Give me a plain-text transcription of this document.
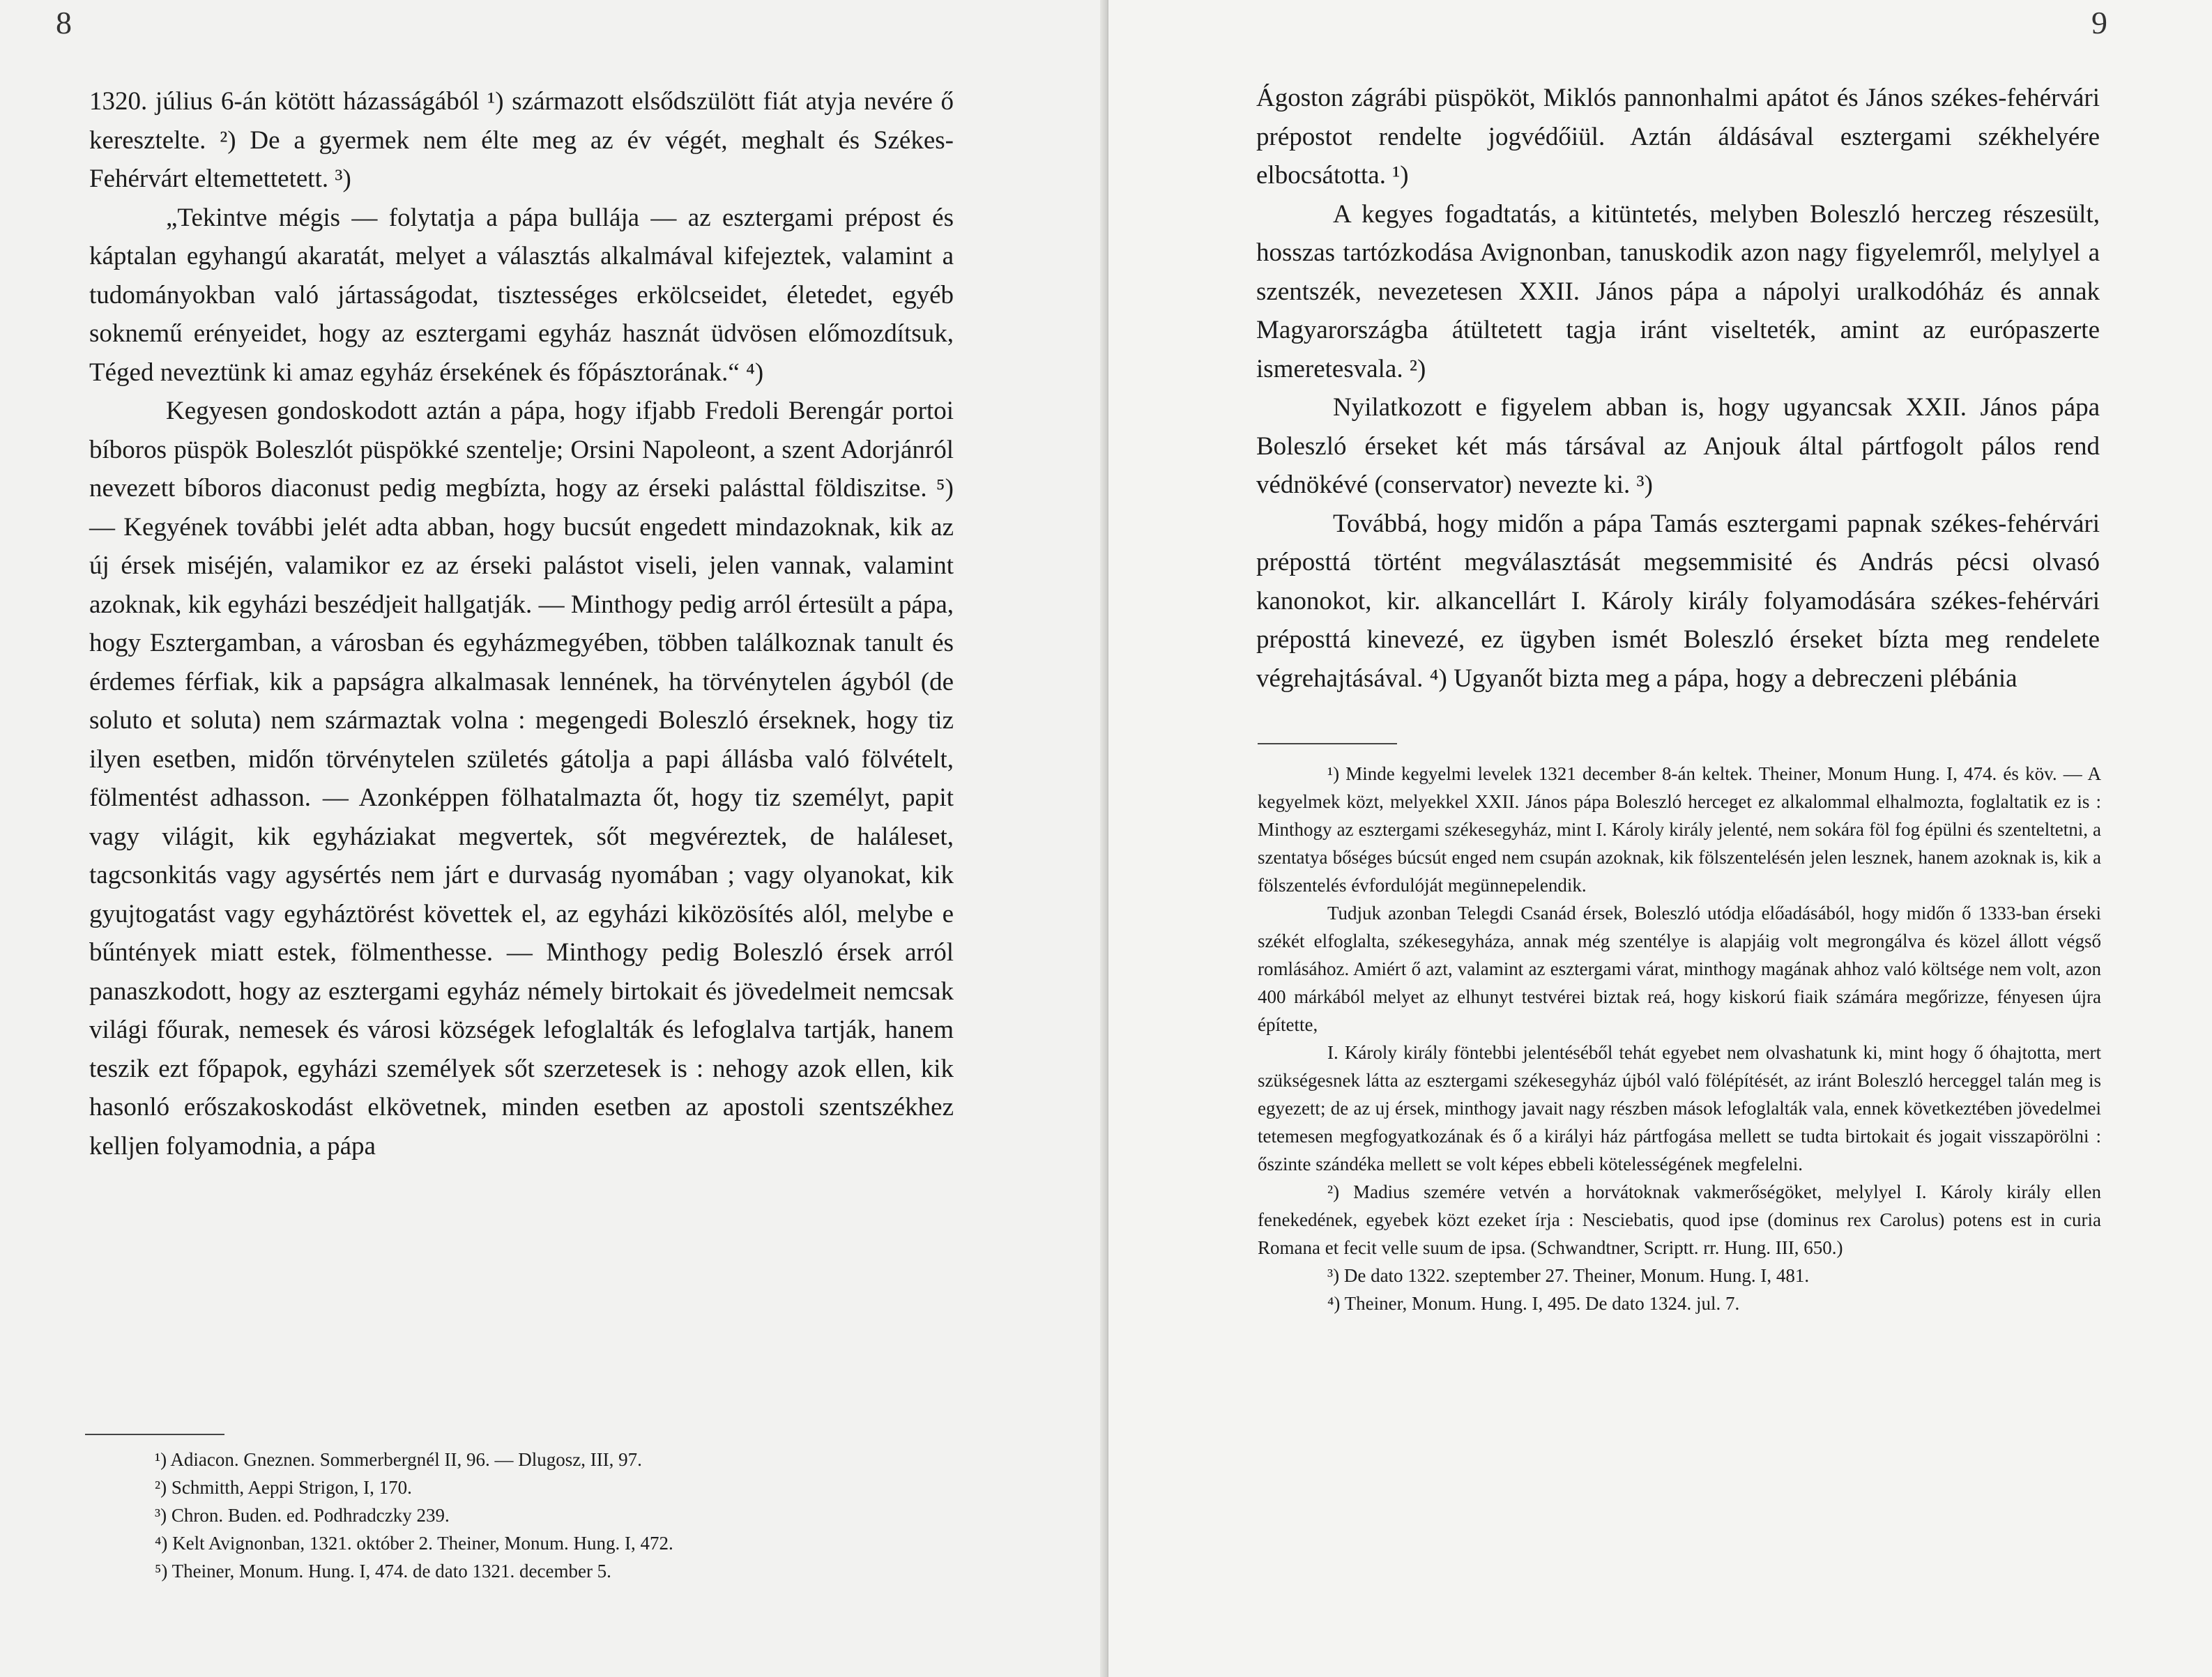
8

1320. július 6-án kötött házasságából ¹) származott elsődszülött fiát atyja nevére ő keresztelte. ²) De a gyermek nem élte meg az év végét, meghalt és Székes-Fehérvárt eltemettetett. ³)

„Tekintve mégis — folytatja a pápa bullája — az esztergami prépost és káptalan egyhangú akaratát, melyet a választás alkalmával kifejeztek, valamint a tudományokban való jártasságodat, tisztességes erkölcseidet, életedet, egyéb soknemű erényeidet, hogy az esztergami egyház hasznát üdvösen előmozdítsuk, Téged neveztünk ki amaz egyház érsekének és főpásztorának.“ ⁴)

Kegyesen gondoskodott aztán a pápa, hogy ifjabb Fredoli Berengár portoi bíboros püspök Boleszlót püspökké szentelje; Orsini Napoleont, a szent Adorjánról nevezett bíboros diaconust pedig megbízta, hogy az érseki palásttal földiszitse. ⁵) — Kegyének további jelét adta abban, hogy bucsút engedett mindazoknak, kik az új érsek miséjén, valamikor ez az érseki palástot viseli, jelen vannak, valamint azoknak, kik egyházi beszédjeit hallgatják. — Minthogy pedig arról értesült a pápa, hogy Esztergamban, a városban és egyházmegyében, többen találkoznak tanult és érdemes férfiak, kik a papságra alkalmasak lennének, ha törvénytelen ágyból (de soluto et soluta) nem származtak volna : megengedi Boleszló érseknek, hogy tiz ilyen esetben, midőn törvénytelen születés gátolja a papi állásba való fölvételt, fölmentést adhasson. — Azonképpen fölhatalmazta őt, hogy tiz személyt, papit vagy világit, kik egyháziakat megvertek, sőt megvéreztek, de haláleset, tagcsonkitás vagy agysértés nem járt e durvaság nyomában ; vagy olyanokat, kik gyujtogatást vagy egyháztörést követtek el, az egyházi kiközösítés alól, melybe e bűntények miatt estek, fölmenthesse. — Minthogy pedig Boleszló érsek arról panaszkodott, hogy az esztergami egyház némely birtokait és jövedelmeit nemcsak világi főurak, nemesek és városi községek lefoglalták és lefoglalva tartják, hanem teszik ezt főpapok, egyházi személyek sőt szerzetesek is : nehogy azok ellen, kik hasonló erőszakoskodást elkövetnek, minden esetben az apostoli szentszékhez kelljen folyamodnia, a pápa

¹) Adiacon. Gneznen. Sommerbergnél II, 96. — Dlugosz, III, 97.

²) Schmitth, Aeppi Strigon, I, 170.

³) Chron. Buden. ed. Podhradczky 239.

⁴) Kelt Avignonban, 1321. október 2. Theiner, Monum. Hung. I, 472.

⁵) Theiner, Monum. Hung. I, 474. de dato 1321. december 5.

9

Ágoston zágrábi püspököt, Miklós pannonhalmi apátot és János székes-fehérvári prépostot rendelte jogvédőiül. Aztán áldásával esztergami székhelyére elbocsátotta. ¹)

A kegyes fogadtatás, a kitüntetés, melyben Boleszló herczeg részesült, hosszas tartózkodása Avignonban, tanuskodik azon nagy figyelemről, melylyel a szentszék, nevezetesen XXII. János pápa a nápolyi uralkodóház és annak Magyarországba átültetett tagja iránt viselteték, amint az európaszerte ismeretesvala. ²)

Nyilatkozott e figyelem abban is, hogy ugyancsak XXII. János pápa Boleszló érseket két más társával az Anjouk által pártfogolt pálos rend védnökévé (conservator) nevezte ki. ³)

Továbbá, hogy midőn a pápa Tamás esztergami papnak székes-fehérvári préposttá történt megválasztását megsemmisité és András pécsi olvasó kanonokot, kir. alkancellárt I. Károly király folyamodására székes-fehérvári préposttá kinevezé, ez ügyben ismét Boleszló érseket bízta meg rendelete végrehajtásával. ⁴) Ugyanőt bizta meg a pápa, hogy a debreczeni plébánia

¹) Minde kegyelmi levelek 1321 december 8-án keltek. Theiner, Monum Hung. I, 474. és köv. — A kegyelmek közt, melyekkel XXII. János pápa Boleszló herceget ez alkalommal elhalmozta, foglaltatik ez is : Minthogy az esztergami székesegyház, mint I. Károly király jelenté, nem sokára föl fog épülni és szenteltetni, a szentatya bőséges búcsút enged nem csupán azoknak, kik fölszentelésén jelen lesznek, hanem azoknak is, kik a fölszentelés évfordulóját megünnepelendik.

Tudjuk azonban Telegdi Csanád érsek, Boleszló utódja előadásából, hogy midőn ő 1333-ban érseki székét elfoglalta, székesegyháza, annak még szentélye is alapjáig volt megrongálva és közel állott végső romlásához. Amiért ő azt, valamint az esztergami várat, minthogy magának ahhoz való költsége nem volt, azon 400 márkából melyet az elhunyt testvérei biztak reá, hogy kiskorú fiaik számára megőrizze, fényesen újra építette,

I. Károly király föntebbi jelentéséből tehát egyebet nem olvashatunk ki, mint hogy ő óhajtotta, mert szükségesnek látta az esztergami székesegyház újból való fölépítését, az iránt Boleszló herceggel talán meg is egyezett; de az uj érsek, minthogy javait nagy részben mások lefoglalták vala, ennek következtében jövedelmei tetemesen megfogyatkozának és ő a királyi ház pártfogása mellett se tudta birtokait és jogait visszapörölni : őszinte szándéka mellett se volt képes ebbeli kötelességének megfelelni.

²) Madius szemére vetvén a horvátoknak vakmerőségöket, melylyel I. Károly király ellen fenekedének, egyebek közt ezeket írja : Nesciebatis, quod ipse (dominus rex Carolus) potens est in curia Romana et fecit velle suum de ipsa. (Schwandtner, Scriptt. rr. Hung. III, 650.)

³) De dato 1322. szeptember 27. Theiner, Monum. Hung. I, 481.

⁴) Theiner, Monum. Hung. I, 495. De dato 1324. jul. 7.
